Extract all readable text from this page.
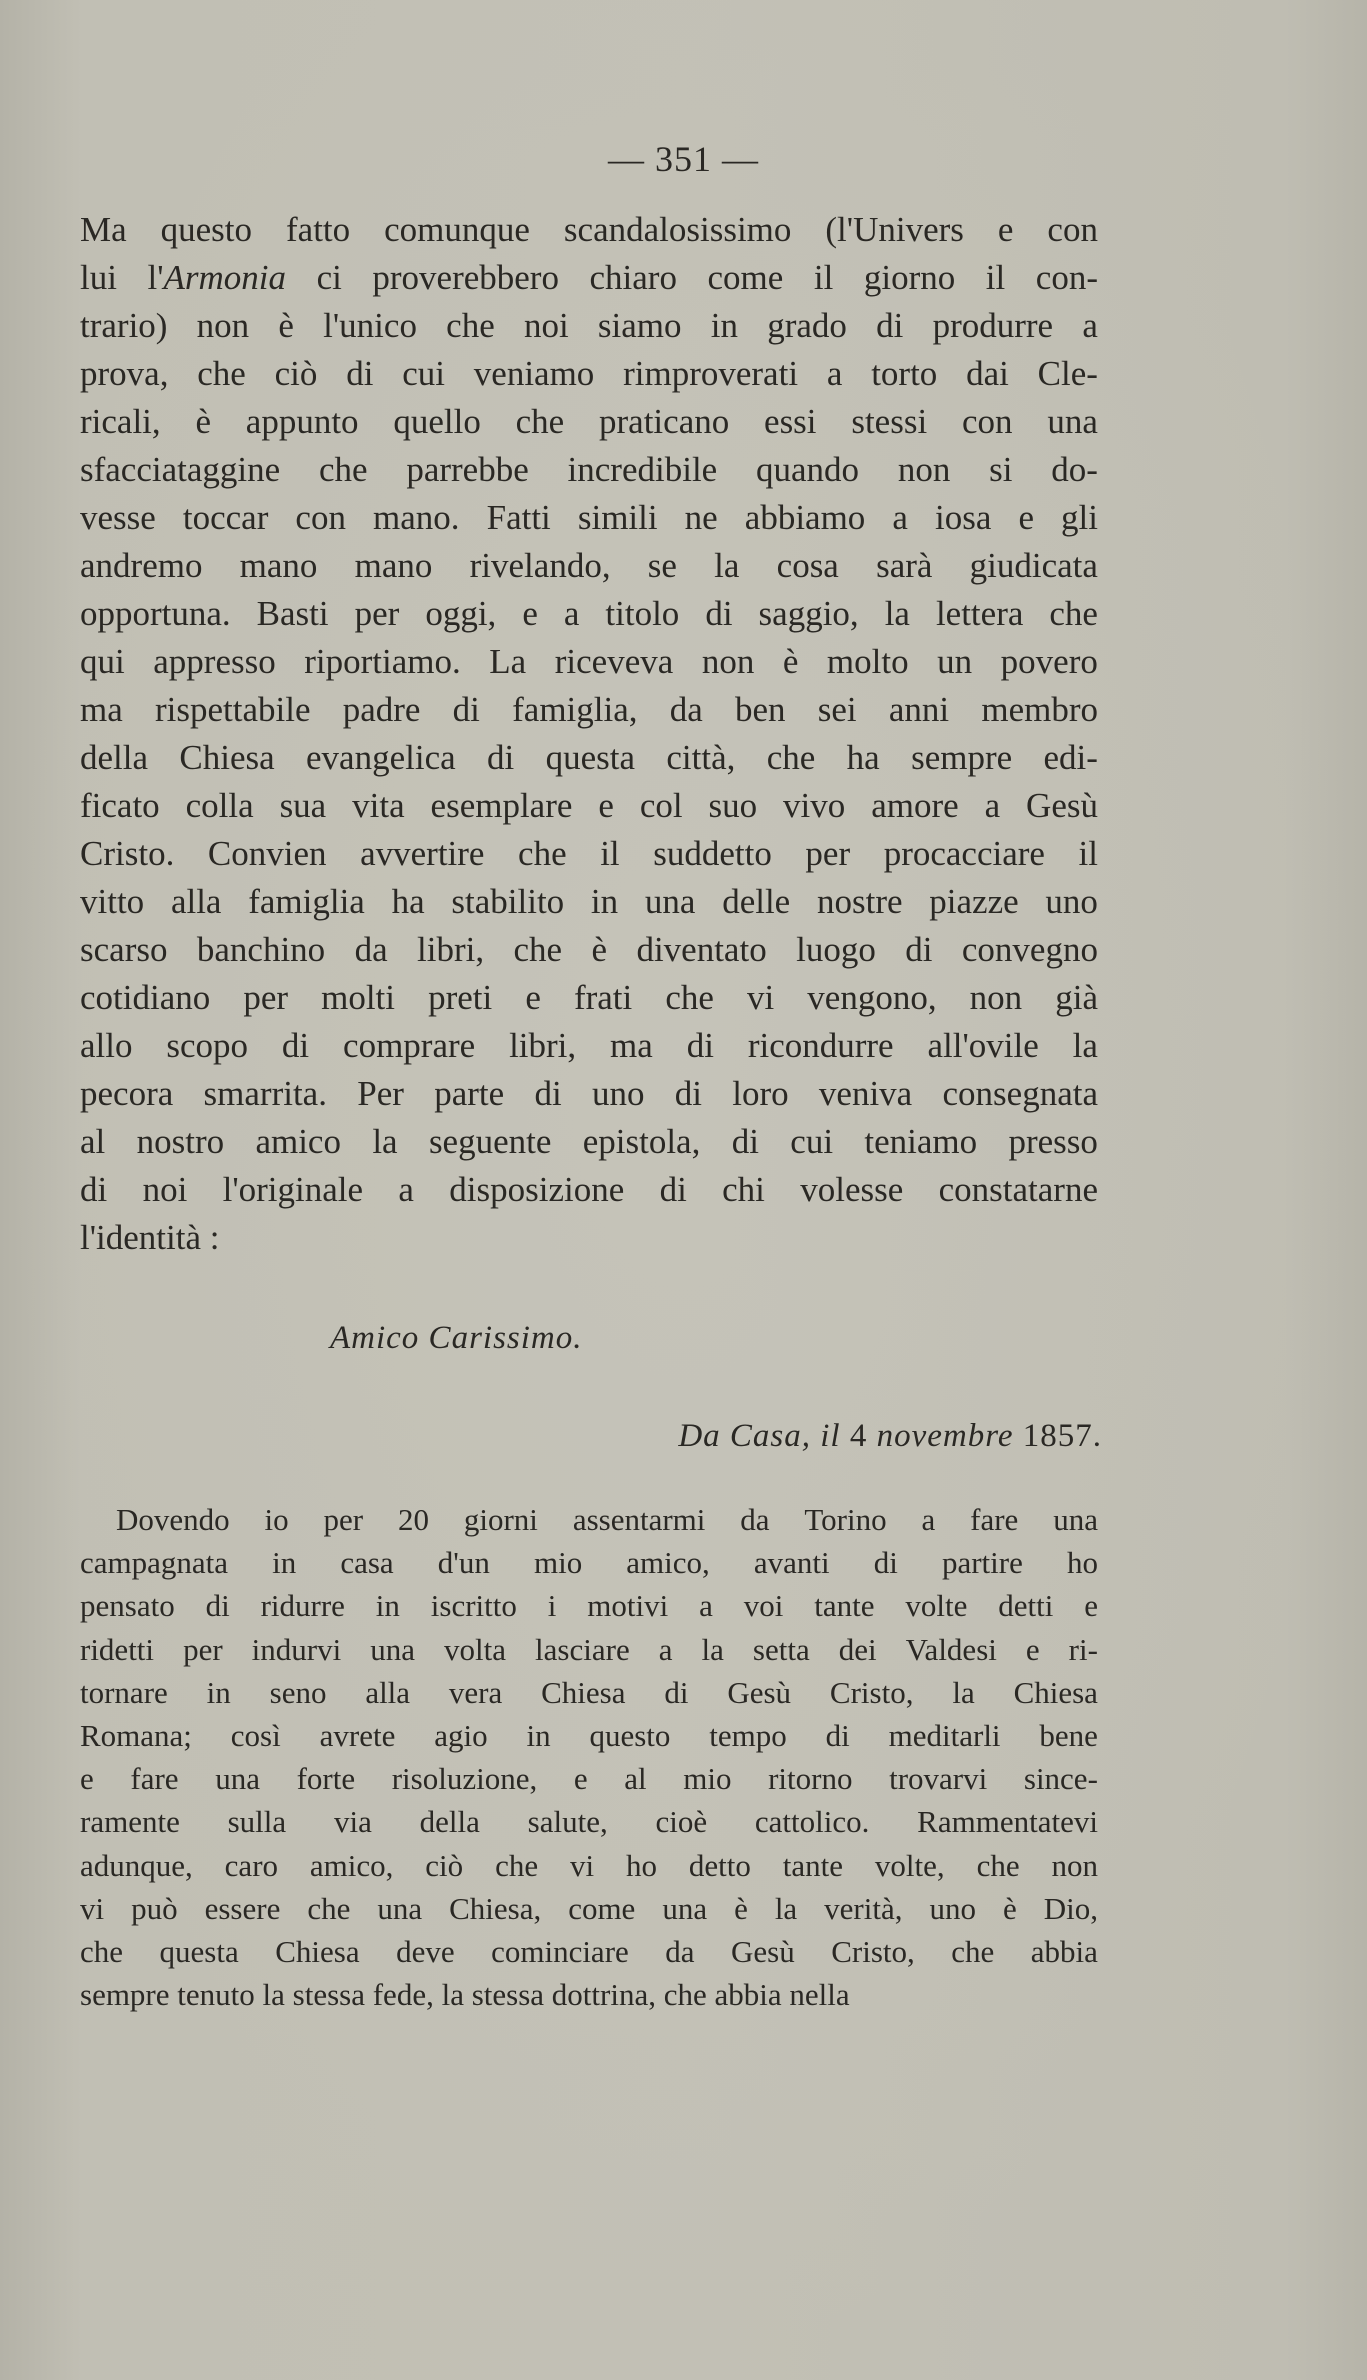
— 351 —
Ma questo fatto comunque scandalosissimo (l'Univers e con
lui l'Armonia ci proverebbero chiaro come il giorno il con-
trario) non è l'unico che noi siamo in grado di produrre a
prova, che ciò di cui veniamo rimproverati a torto dai Cle-
ricali, è appunto quello che praticano essi stessi con una
sfacciataggine che parrebbe incredibile quando non si do-
vesse toccar con mano. Fatti simili ne abbiamo a iosa e gli
andremo mano mano rivelando, se la cosa sarà giudicata
opportuna. Basti per oggi, e a titolo di saggio, la lettera che
qui appresso riportiamo. La riceveva non è molto un povero
ma rispettabile padre di famiglia, da ben sei anni membro
della Chiesa evangelica di questa città, che ha sempre edi-
ficato colla sua vita esemplare e col suo vivo amore a Gesù
Cristo. Convien avvertire che il suddetto per procacciare il
vitto alla famiglia ha stabilito in una delle nostre piazze uno
scarso banchino da libri, che è diventato luogo di convegno
cotidiano per molti preti e frati che vi vengono, non già
allo scopo di comprare libri, ma di ricondurre all'ovile la
pecora smarrita. Per parte di uno di loro veniva consegnata
al nostro amico la seguente epistola, di cui teniamo presso
di noi l'originale a disposizione di chi volesse constatarne
l'identità :
Amico Carissimo.
Da Casa, il 4 novembre 1857.
Dovendo io per 20 giorni assentarmi da Torino a fare una
campagnata in casa d'un mio amico, avanti di partire ho
pensato di ridurre in iscritto i motivi a voi tante volte detti e
ridetti per indurvi una volta lasciare a la setta dei Valdesi e ri-
tornare in seno alla vera Chiesa di Gesù Cristo, la Chiesa
Romana; così avrete agio in questo tempo di meditarli bene
e fare una forte risoluzione, e al mio ritorno trovarvi since-
ramente sulla via della salute, cioè cattolico. Rammentatevi
adunque, caro amico, ciò che vi ho detto tante volte, che non
vi può essere che una Chiesa, come una è la verità, uno è Dio,
che questa Chiesa deve cominciare da Gesù Cristo, che abbia
sempre tenuto la stessa fede, la stessa dottrina, che abbia nella
